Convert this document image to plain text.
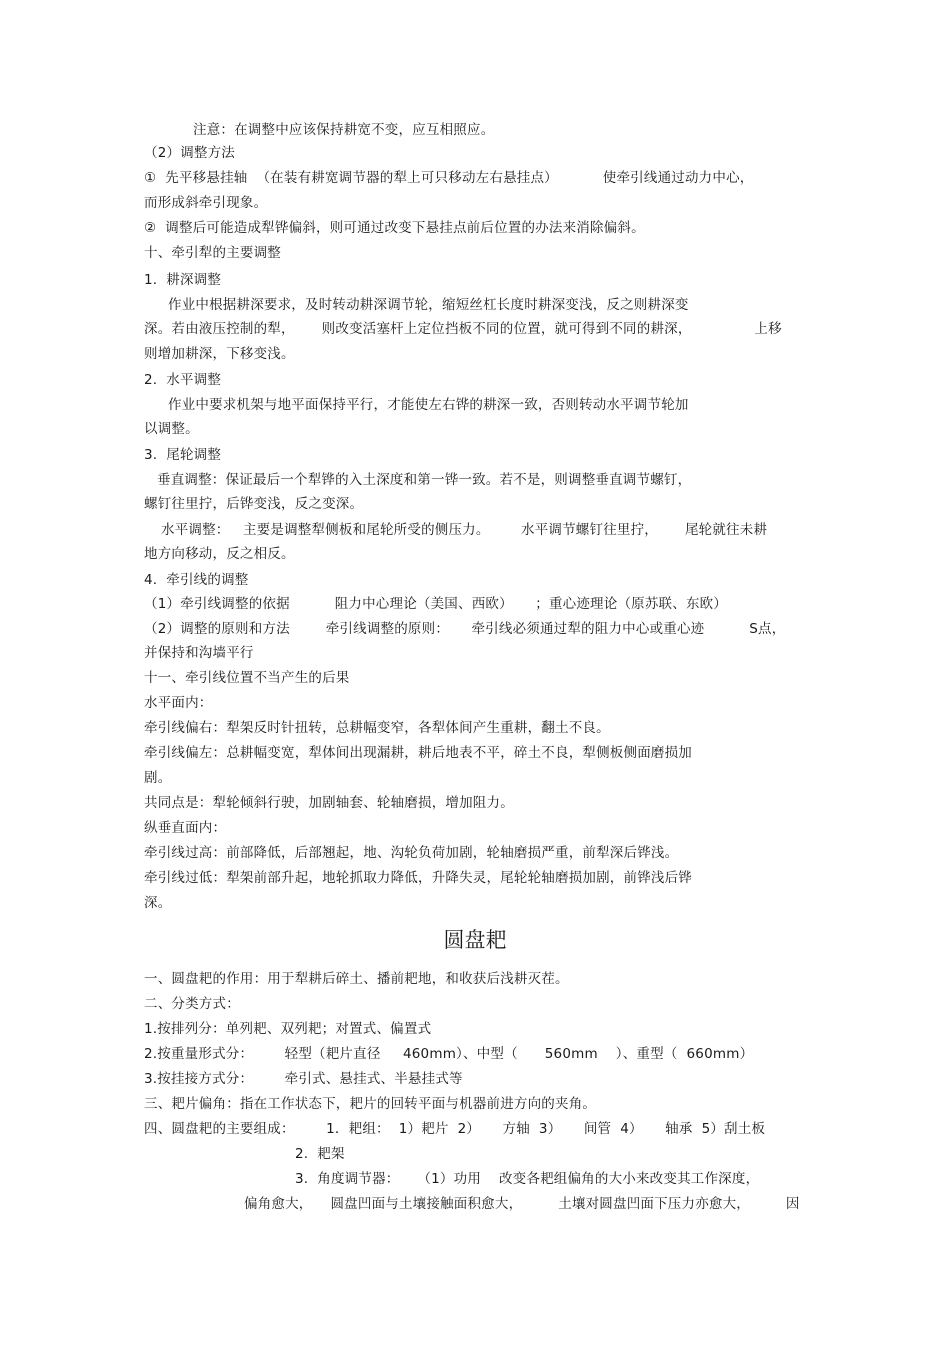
注意：在调整中应该保持耕宽不变，应互相照应。
（2）调整方法
①  先平移悬挂轴  （在装有耕宽调节器的犁上可只移动左右悬挂点）          使牵引线通过动力中心，
而形成斜牵引现象。
②  调整后可能造成犁铧偏斜，则可通过改变下悬挂点前后位置的办法来消除偏斜。
十、牵引犁的主要调整
1.  耕深调整
作业中根据耕深要求，及时转动耕深调节轮，缩短丝杠长度时耕深变浅，反之则耕深变
深。若由液压控制的犁，      则改变活塞杆上定位挡板不同的位置，就可得到不同的耕深，              上移
则增加耕深，下移变浅。
2.  水平调整
作业中要求机架与地平面保持平行，才能使左右铧的耕深一致，否则转动水平调节轮加
以调整。
3.  尾轮调整
垂直调整：保证最后一个犁铧的入土深度和第一铧一致。若不是，则调整垂直调节螺钉，
螺钉往里拧，后铧变浅，反之变深。
水平调整：   主要是调整犁侧板和尾轮所受的侧压力。       水平调节螺钉往里拧，      尾轮就往未耕
地方向移动，反之相反。
4.  牵引线的调整
（1）牵引线调整的依据          阻力中心理论（美国、西欧）     ；重心迹理论（原苏联、东欧）
（2）调整的原则和方法        牵引线调整的原则：     牵引线必须通过犁的阻力中心或重心迹          S点，
并保持和沟墙平行
十一、牵引线位置不当产生的后果
水平面内：
牵引线偏右：犁架反时针扭转，总耕幅变窄，各犁体间产生重耕，翻土不良。
牵引线偏左：总耕幅变宽，犁体间出现漏耕，耕后地表不平，碎土不良，犁侧板侧面磨损加
剧。
共同点是：犁轮倾斜行驶，加剧轴套、轮轴磨损，增加阻力。
纵垂直面内：
牵引线过高：前部降低，后部翘起，地、沟轮负荷加剧，轮轴磨损严重，前犁深后铧浅。
牵引线过低：犁架前部升起，地轮抓取力降低，升降失灵，尾轮轮轴磨损加剧，前铧浅后铧
深。
圆盘耙
一、圆盘耙的作用：用于犁耕后碎土、播前耙地，和收获后浅耕灭茬。
二、分类方式：
1.按排列分：单列耙、双列耙；对置式、偏置式
2.按重量形式分：       轻型（耙片直径     460mm）、中型（      560mm    ）、重型（  660mm）
3.按挂接方式分：       牵引式、悬挂式、半悬挂式等
三、耙片偏角：指在工作状态下，耙片的回转平面与机器前进方向的夹角。
四、圆盘耙的主要组成：       1．耙组：  1）耙片  2）     方轴  3）     间管  4）     轴承  5）刮土板
2.  耙架
3.  角度调节器：    （1）功用    改变各耙组偏角的大小来改变其工作深度，
偏角愈大，    圆盘凹面与土壤接触面积愈大，        土壤对圆盘凹面下压力亦愈大，        因
